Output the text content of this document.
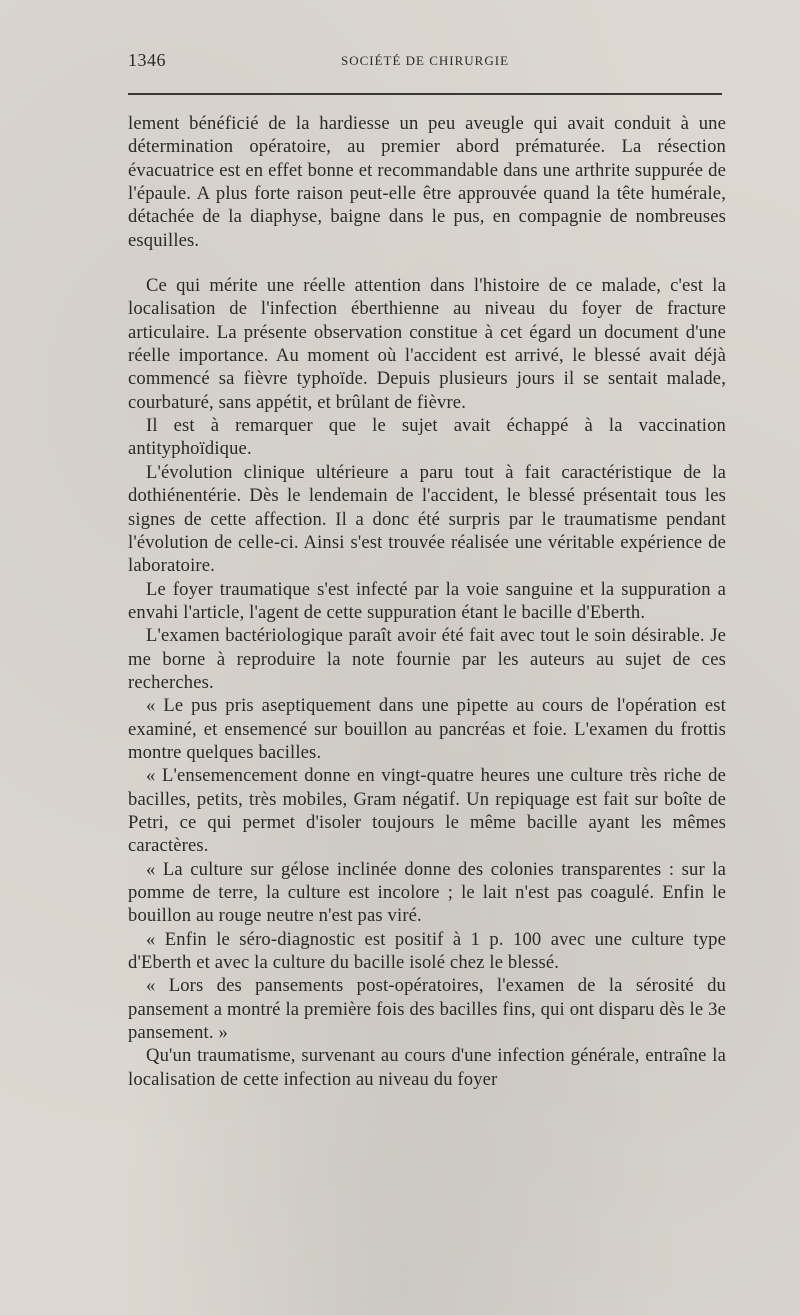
1346	SOCIÉTÉ DE CHIRURGIE

lement bénéficié de la hardiesse un peu aveugle qui avait conduit à une détermination opératoire, au premier abord prématurée. La résection évacuatrice est en effet bonne et recommandable dans une arthrite suppurée de l'épaule. A plus forte raison peut-elle être approuvée quand la tête humérale, détachée de la diaphyse, baigne dans le pus, en compagnie de nombreuses esquilles.

Ce qui mérite une réelle attention dans l'histoire de ce malade, c'est la localisation de l'infection éberthienne au niveau du foyer de fracture articulaire. La présente observation constitue à cet égard un document d'une réelle importance. Au moment où l'accident est arrivé, le blessé avait déjà commencé sa fièvre typhoïde. Depuis plusieurs jours il se sentait malade, courbaturé, sans appétit, et brûlant de fièvre.

Il est à remarquer que le sujet avait échappé à la vaccination antityphoïdique.

L'évolution clinique ultérieure a paru tout à fait caractéristique de la dothiénentérie. Dès le lendemain de l'accident, le blessé présentait tous les signes de cette affection. Il a donc été surpris par le traumatisme pendant l'évolution de celle-ci. Ainsi s'est trouvée réalisée une véritable expérience de laboratoire.

Le foyer traumatique s'est infecté par la voie sanguine et la suppuration a envahi l'article, l'agent de cette suppuration étant le bacille d'Eberth.

L'examen bactériologique paraît avoir été fait avec tout le soin désirable. Je me borne à reproduire la note fournie par les auteurs au sujet de ces recherches.

« Le pus pris aseptiquement dans une pipette au cours de l'opération est examiné, et ensemencé sur bouillon au pancréas et foie. L'examen du frottis montre quelques bacilles.

« L'ensemencement donne en vingt-quatre heures une culture très riche de bacilles, petits, très mobiles, Gram négatif. Un repiquage est fait sur boîte de Petri, ce qui permet d'isoler toujours le même bacille ayant les mêmes caractères.

« La culture sur gélose inclinée donne des colonies transparentes : sur la pomme de terre, la culture est incolore ; le lait n'est pas coagulé. Enfin le bouillon au rouge neutre n'est pas viré.

« Enfin le séro-diagnostic est positif à 1 p. 100 avec une culture type d'Eberth et avec la culture du bacille isolé chez le blessé.

« Lors des pansements post-opératoires, l'examen de la sérosité du pansement a montré la première fois des bacilles fins, qui ont disparu dès le 3e pansement. »

Qu'un traumatisme, survenant au cours d'une infection générale, entraîne la localisation de cette infection au niveau du foyer
